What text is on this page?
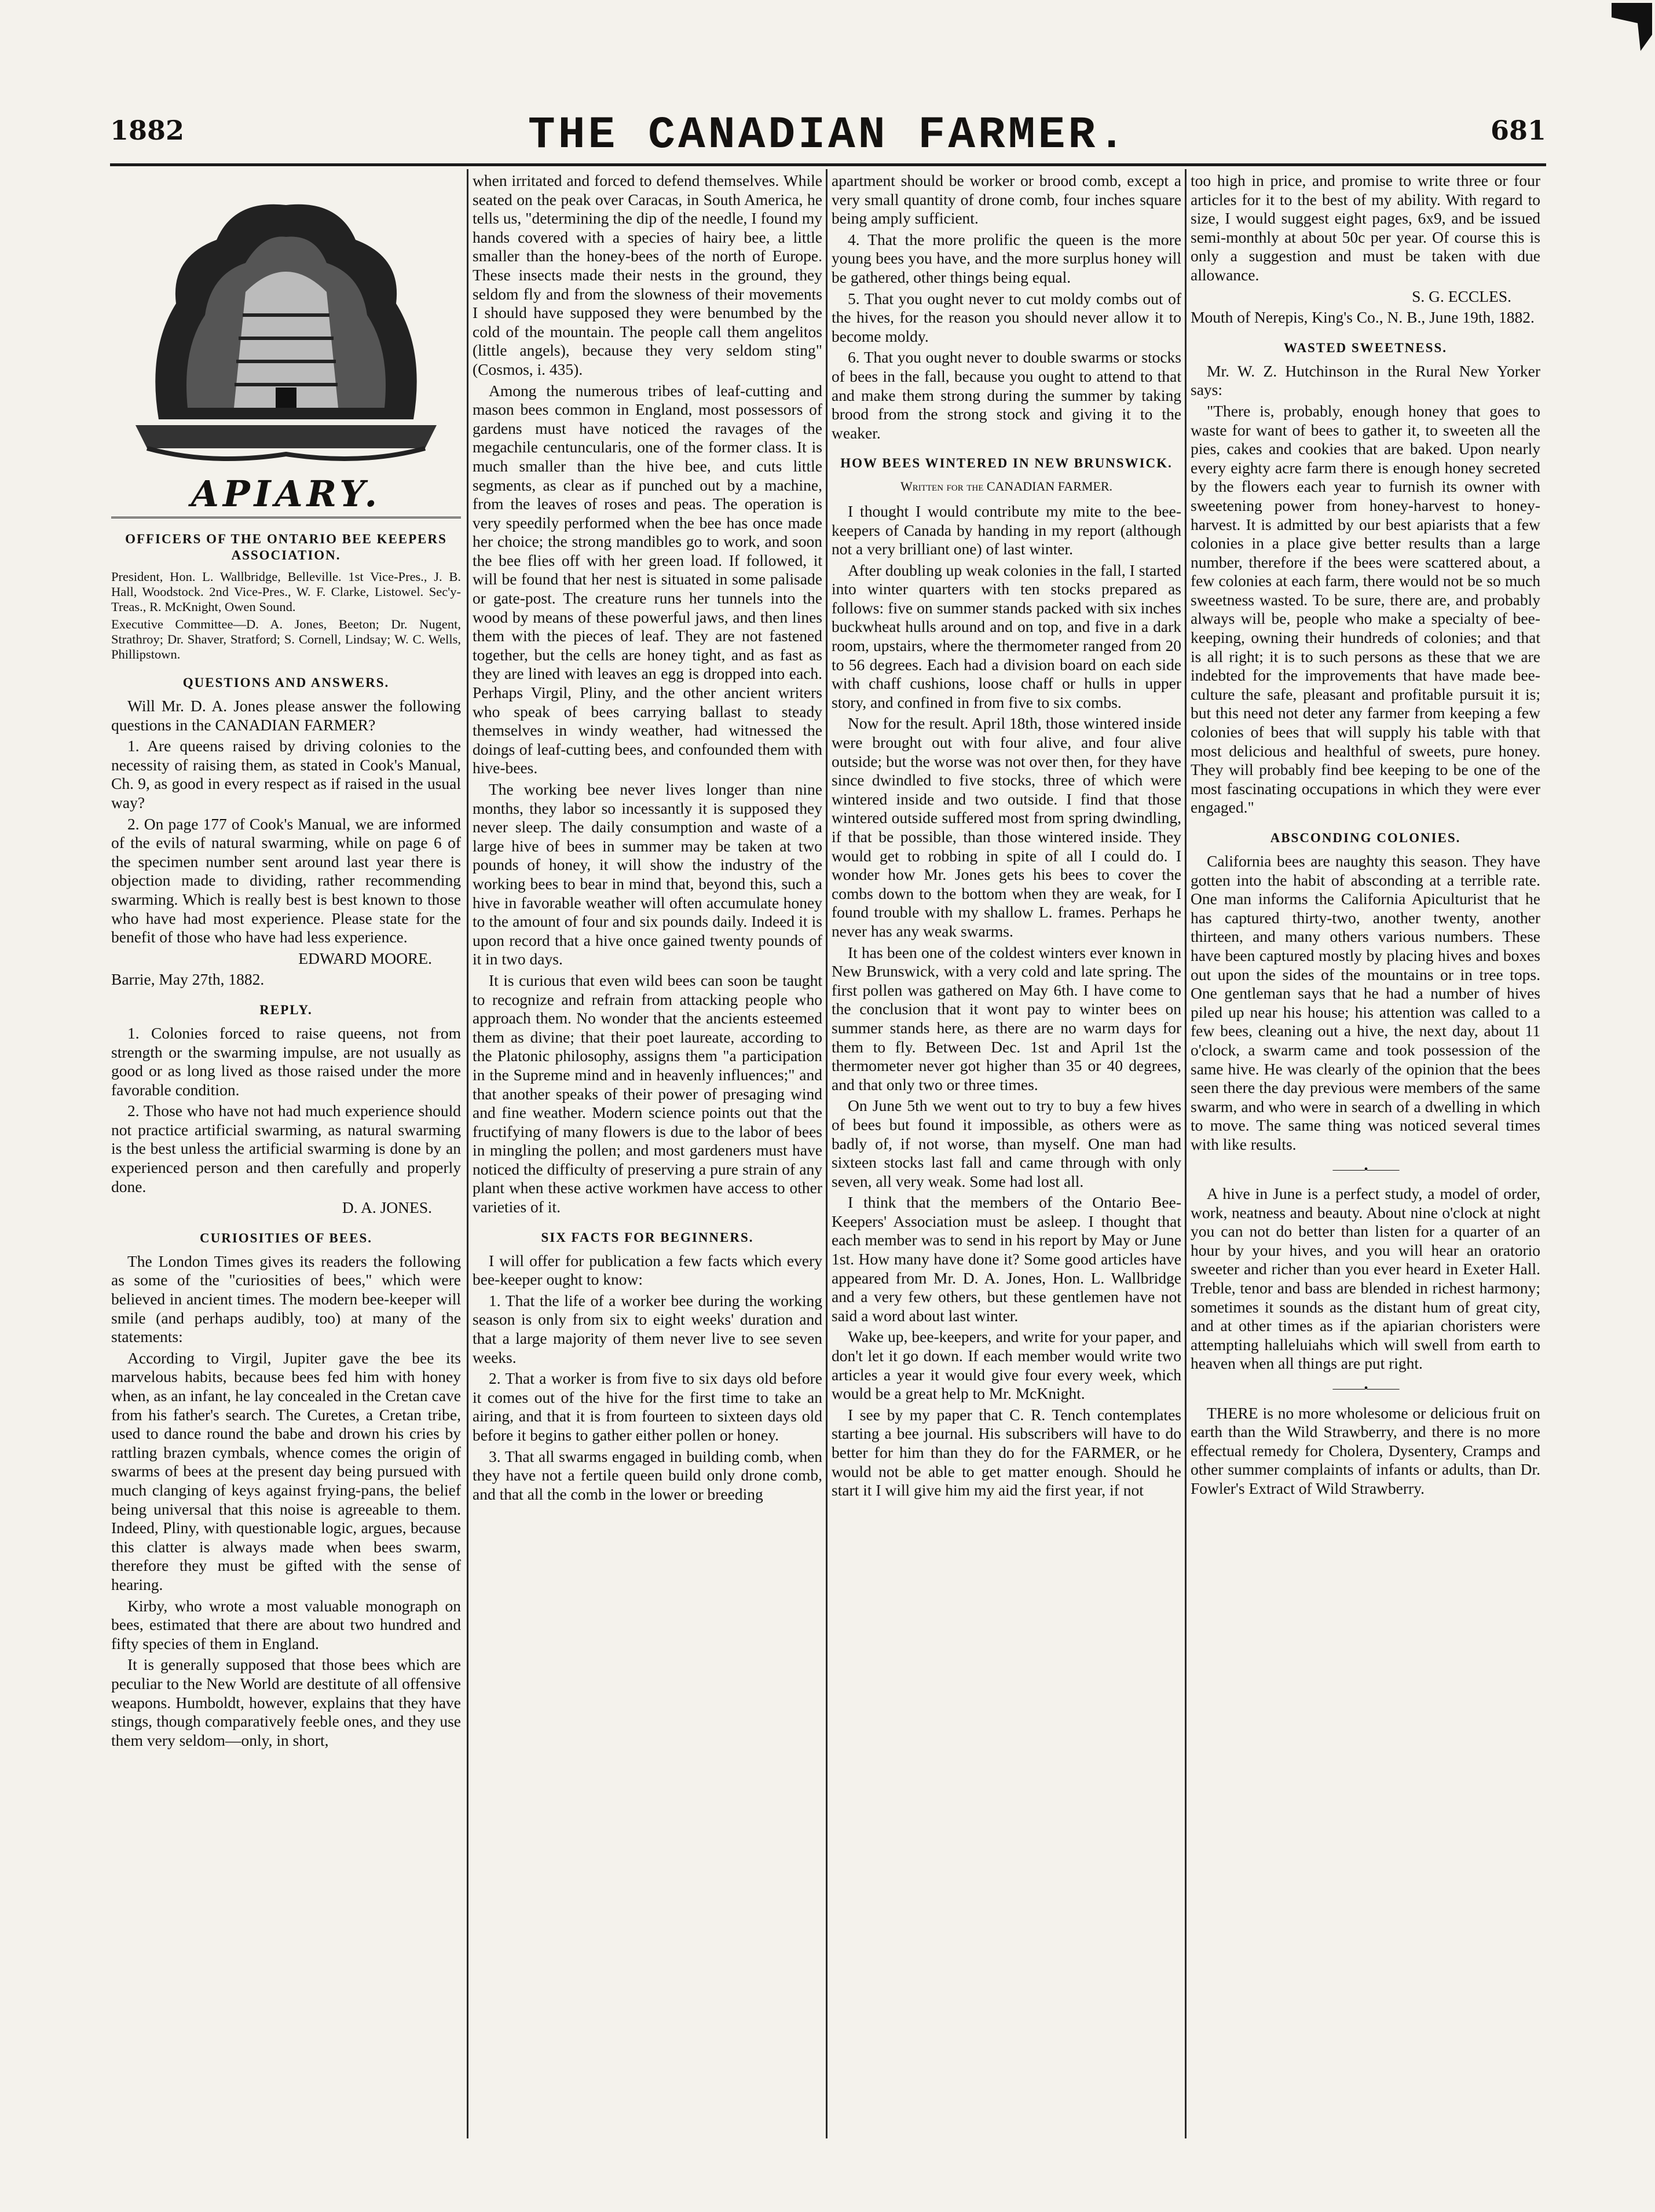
1882	THE CANADIAN FARMER.	681
APIARY.
OFFICERS OF THE ONTARIO BEE KEEPERS ASSOCIATION.

President, Hon. L. Wallbridge, Belleville. 1st Vice-Pres., J. B. Hall, Woodstock. 2nd Vice-Pres., W. F. Clarke, Listowel. Sec'y-Treas., R. McKnight, Owen Sound.

Executive Committee—D. A. Jones, Beeton; Dr. Nugent, Strathroy; Dr. Shaver, Stratford; S. Cornell, Lindsay; W. C. Wells, Phillipstown.

QUESTIONS AND ANSWERS.

Will Mr. D. A. Jones please answer the following questions in the CANADIAN FARMER?

1. Are queens raised by driving colonies to the necessity of raising them, as stated in Cook's Manual, Ch. 9, as good in every respect as if raised in the usual way?

2. On page 177 of Cook's Manual, we are informed of the evils of natural swarming, while on page 6 of the specimen number sent around last year there is objection made to dividing, rather recommending swarming. Which is really best is best known to those who have had most experience. Please state for the benefit of those who have had less experience.

EDWARD MOORE.

Barrie, May 27th, 1882.

REPLY.

1. Colonies forced to raise queens, not from strength or the swarming impulse, are not usually as good or as long lived as those raised under the more favorable condition.

2. Those who have not had much experience should not practice artificial swarming, as natural swarming is the best unless the artificial swarming is done by an experienced person and then carefully and properly done.

D. A. JONES.

CURIOSITIES OF BEES.

The London Times gives its readers the following as some of the "curiosities of bees," which were believed in ancient times. The modern bee-keeper will smile (and perhaps audibly, too) at many of the statements:

According to Virgil, Jupiter gave the bee its marvelous habits, because bees fed him with honey when, as an infant, he lay concealed in the Cretan cave from his father's search. The Curetes, a Cretan tribe, used to dance round the babe and drown his cries by rattling brazen cymbals, whence comes the origin of swarms of bees at the present day being pursued with much clanging of keys against frying-pans, the belief being universal that this noise is agreeable to them. Indeed, Pliny, with questionable logic, argues, because this clatter is always made when bees swarm, therefore they must be gifted with the sense of hearing.

Kirby, who wrote a most valuable monograph on bees, estimated that there are about two hundred and fifty species of them in England.

It is generally supposed that those bees which are peculiar to the New World are destitute of all offensive weapons. Humboldt, however, explains that they have stings, though comparatively feeble ones, and they use them very seldom—only, in short,

when irritated and forced to defend themselves. While seated on the peak over Caracas, in South America, he tells us, "determining the dip of the needle, I found my hands covered with a species of hairy bee, a little smaller than the honey-bees of the north of Europe. These insects made their nests in the ground, they seldom fly and from the slowness of their movements I should have supposed they were benumbed by the cold of the mountain. The people call them angelitos (little angels), because they very seldom sting" (Cosmos, i. 435).

Among the numerous tribes of leaf-cutting and mason bees common in England, most possessors of gardens must have noticed the ravages of the megachile centuncularis, one of the former class. It is much smaller than the hive bee, and cuts little segments, as clear as if punched out by a machine, from the leaves of roses and peas. The operation is very speedily performed when the bee has once made her choice; the strong mandibles go to work, and soon the bee flies off with her green load. If followed, it will be found that her nest is situated in some palisade or gate-post. The creature runs her tunnels into the wood by means of these powerful jaws, and then lines them with the pieces of leaf. They are not fastened together, but the cells are honey tight, and as fast as they are lined with leaves an egg is dropped into each. Perhaps Virgil, Pliny, and the other ancient writers who speak of bees carrying ballast to steady themselves in windy weather, had witnessed the doings of leaf-cutting bees, and confounded them with hive-bees.

The working bee never lives longer than nine months, they labor so incessantly it is supposed they never sleep. The daily consumption and waste of a large hive of bees in summer may be taken at two pounds of honey, it will show the industry of the working bees to bear in mind that, beyond this, such a hive in favorable weather will often accumulate honey to the amount of four and six pounds daily. Indeed it is upon record that a hive once gained twenty pounds of it in two days.

It is curious that even wild bees can soon be taught to recognize and refrain from attacking people who approach them. No wonder that the ancients esteemed them as divine; that their poet laureate, according to the Platonic philosophy, assigns them "a participation in the Supreme mind and in heavenly influences;" and that another speaks of their power of presaging wind and fine weather. Modern science points out that the fructifying of many flowers is due to the labor of bees in mingling the pollen; and most gardeners must have noticed the difficulty of preserving a pure strain of any plant when these active workmen have access to other varieties of it.

SIX FACTS FOR BEGINNERS.

I will offer for publication a few facts which every bee-keeper ought to know:

1. That the life of a worker bee during the working season is only from six to eight weeks' duration and that a large majority of them never live to see seven weeks.

2. That a worker is from five to six days old before it comes out of the hive for the first time to take an airing, and that it is from fourteen to sixteen days old before it begins to gather either pollen or honey.

3. That all swarms engaged in building comb, when they have not a fertile queen build only drone comb, and that all the comb in the lower or breeding

apartment should be worker or brood comb, except a very small quantity of drone comb, four inches square being amply sufficient.

4. That the more prolific the queen is the more young bees you have, and the more surplus honey will be gathered, other things being equal.

5. That you ought never to cut moldy combs out of the hives, for the reason you should never allow it to become moldy.

6. That you ought never to double swarms or stocks of bees in the fall, because you ought to attend to that and make them strong during the summer by taking brood from the strong stock and giving it to the weaker.

HOW BEES WINTERED IN NEW BRUNSWICK.

Written for the CANADIAN FARMER.

I thought I would contribute my mite to the bee-keepers of Canada by handing in my report (although not a very brilliant one) of last winter.

After doubling up weak colonies in the fall, I started into winter quarters with ten stocks prepared as follows: five on summer stands packed with six inches buckwheat hulls around and on top, and five in a dark room, upstairs, where the thermometer ranged from 20 to 56 degrees. Each had a division board on each side with chaff cushions, loose chaff or hulls in upper story, and confined in from five to six combs.

Now for the result. April 18th, those wintered inside were brought out with four alive, and four alive outside; but the worse was not over then, for they have since dwindled to five stocks, three of which were wintered inside and two outside. I find that those wintered outside suffered most from spring dwindling, if that be possible, than those wintered inside. They would get to robbing in spite of all I could do. I wonder how Mr. Jones gets his bees to cover the combs down to the bottom when they are weak, for I found trouble with my shallow L. frames. Perhaps he never has any weak swarms.

It has been one of the coldest winters ever known in New Brunswick, with a very cold and late spring. The first pollen was gathered on May 6th. I have come to the conclusion that it wont pay to winter bees on summer stands here, as there are no warm days for them to fly. Between Dec. 1st and April 1st the thermometer never got higher than 35 or 40 degrees, and that only two or three times.

On June 5th we went out to try to buy a few hives of bees but found it impossible, as others were as badly of, if not worse, than myself. One man had sixteen stocks last fall and came through with only seven, all very weak. Some had lost all.

I think that the members of the Ontario Bee-Keepers' Association must be asleep. I thought that each member was to send in his report by May or June 1st. How many have done it? Some good articles have appeared from Mr. D. A. Jones, Hon. L. Wallbridge and a very few others, but these gentlemen have not said a word about last winter.

Wake up, bee-keepers, and write for your paper, and don't let it go down. If each member would write two articles a year it would give four every week, which would be a great help to Mr. McKnight.

I see by my paper that C. R. Tench contemplates starting a bee journal. His subscribers will have to do better for him than they do for the FARMER, or he would not be able to get matter enough. Should he start it I will give him my aid the first year, if not

too high in price, and promise to write three or four articles for it to the best of my ability. With regard to size, I would suggest eight pages, 6x9, and be issued semi-monthly at about 50c per year. Of course this is only a suggestion and must be taken with due allowance.

S. G. ECCLES.

Mouth of Nerepis, King's Co., N. B., June 19th, 1882.

WASTED SWEETNESS.

Mr. W. Z. Hutchinson in the Rural New Yorker says:

"There is, probably, enough honey that goes to waste for want of bees to gather it, to sweeten all the pies, cakes and cookies that are baked. Upon nearly every eighty acre farm there is enough honey secreted by the flowers each year to furnish its owner with sweetening power from honey-harvest to honey-harvest. It is admitted by our best apiarists that a few colonies in a place give better results than a large number, therefore if the bees were scattered about, a few colonies at each farm, there would not be so much sweetness wasted. To be sure, there are, and probably always will be, people who make a specialty of bee-keeping, owning their hundreds of colonies; and that is all right; it is to such persons as these that we are indebted for the improvements that have made bee-culture the safe, pleasant and profitable pursuit it is; but this need not deter any farmer from keeping a few colonies of bees that will supply his table with that most delicious and healthful of sweets, pure honey. They will probably find bee keeping to be one of the most fascinating occupations in which they were ever engaged."

ABSCONDING COLONIES.

California bees are naughty this season. They have gotten into the habit of absconding at a terrible rate. One man informs the California Apiculturist that he has captured thirty-two, another twenty, another thirteen, and many others various numbers. These have been captured mostly by placing hives and boxes out upon the sides of the mountains or in tree tops. One gentleman says that he had a number of hives piled up near his house; his attention was called to a few bees, cleaning out a hive, the next day, about 11 o'clock, a swarm came and took possession of the same hive. He was clearly of the opinion that the bees seen there the day previous were members of the same swarm, and who were in search of a dwelling in which to move. The same thing was noticed several times with like results.

———•———

A hive in June is a perfect study, a model of order, work, neatness and beauty. About nine o'clock at night you can not do better than listen for a quarter of an hour by your hives, and you will hear an oratorio sweeter and richer than you ever heard in Exeter Hall. Treble, tenor and bass are blended in richest harmony; sometimes it sounds as the distant hum of great city, and at other times as if the apiarian choristers were attempting halleluiahs which will swell from earth to heaven when all things are put right.

———•———

THERE is no more wholesome or delicious fruit on earth than the Wild Strawberry, and there is no more effectual remedy for Cholera, Dysentery, Cramps and other summer complaints of infants or adults, than Dr. Fowler's Extract of Wild Strawberry.
